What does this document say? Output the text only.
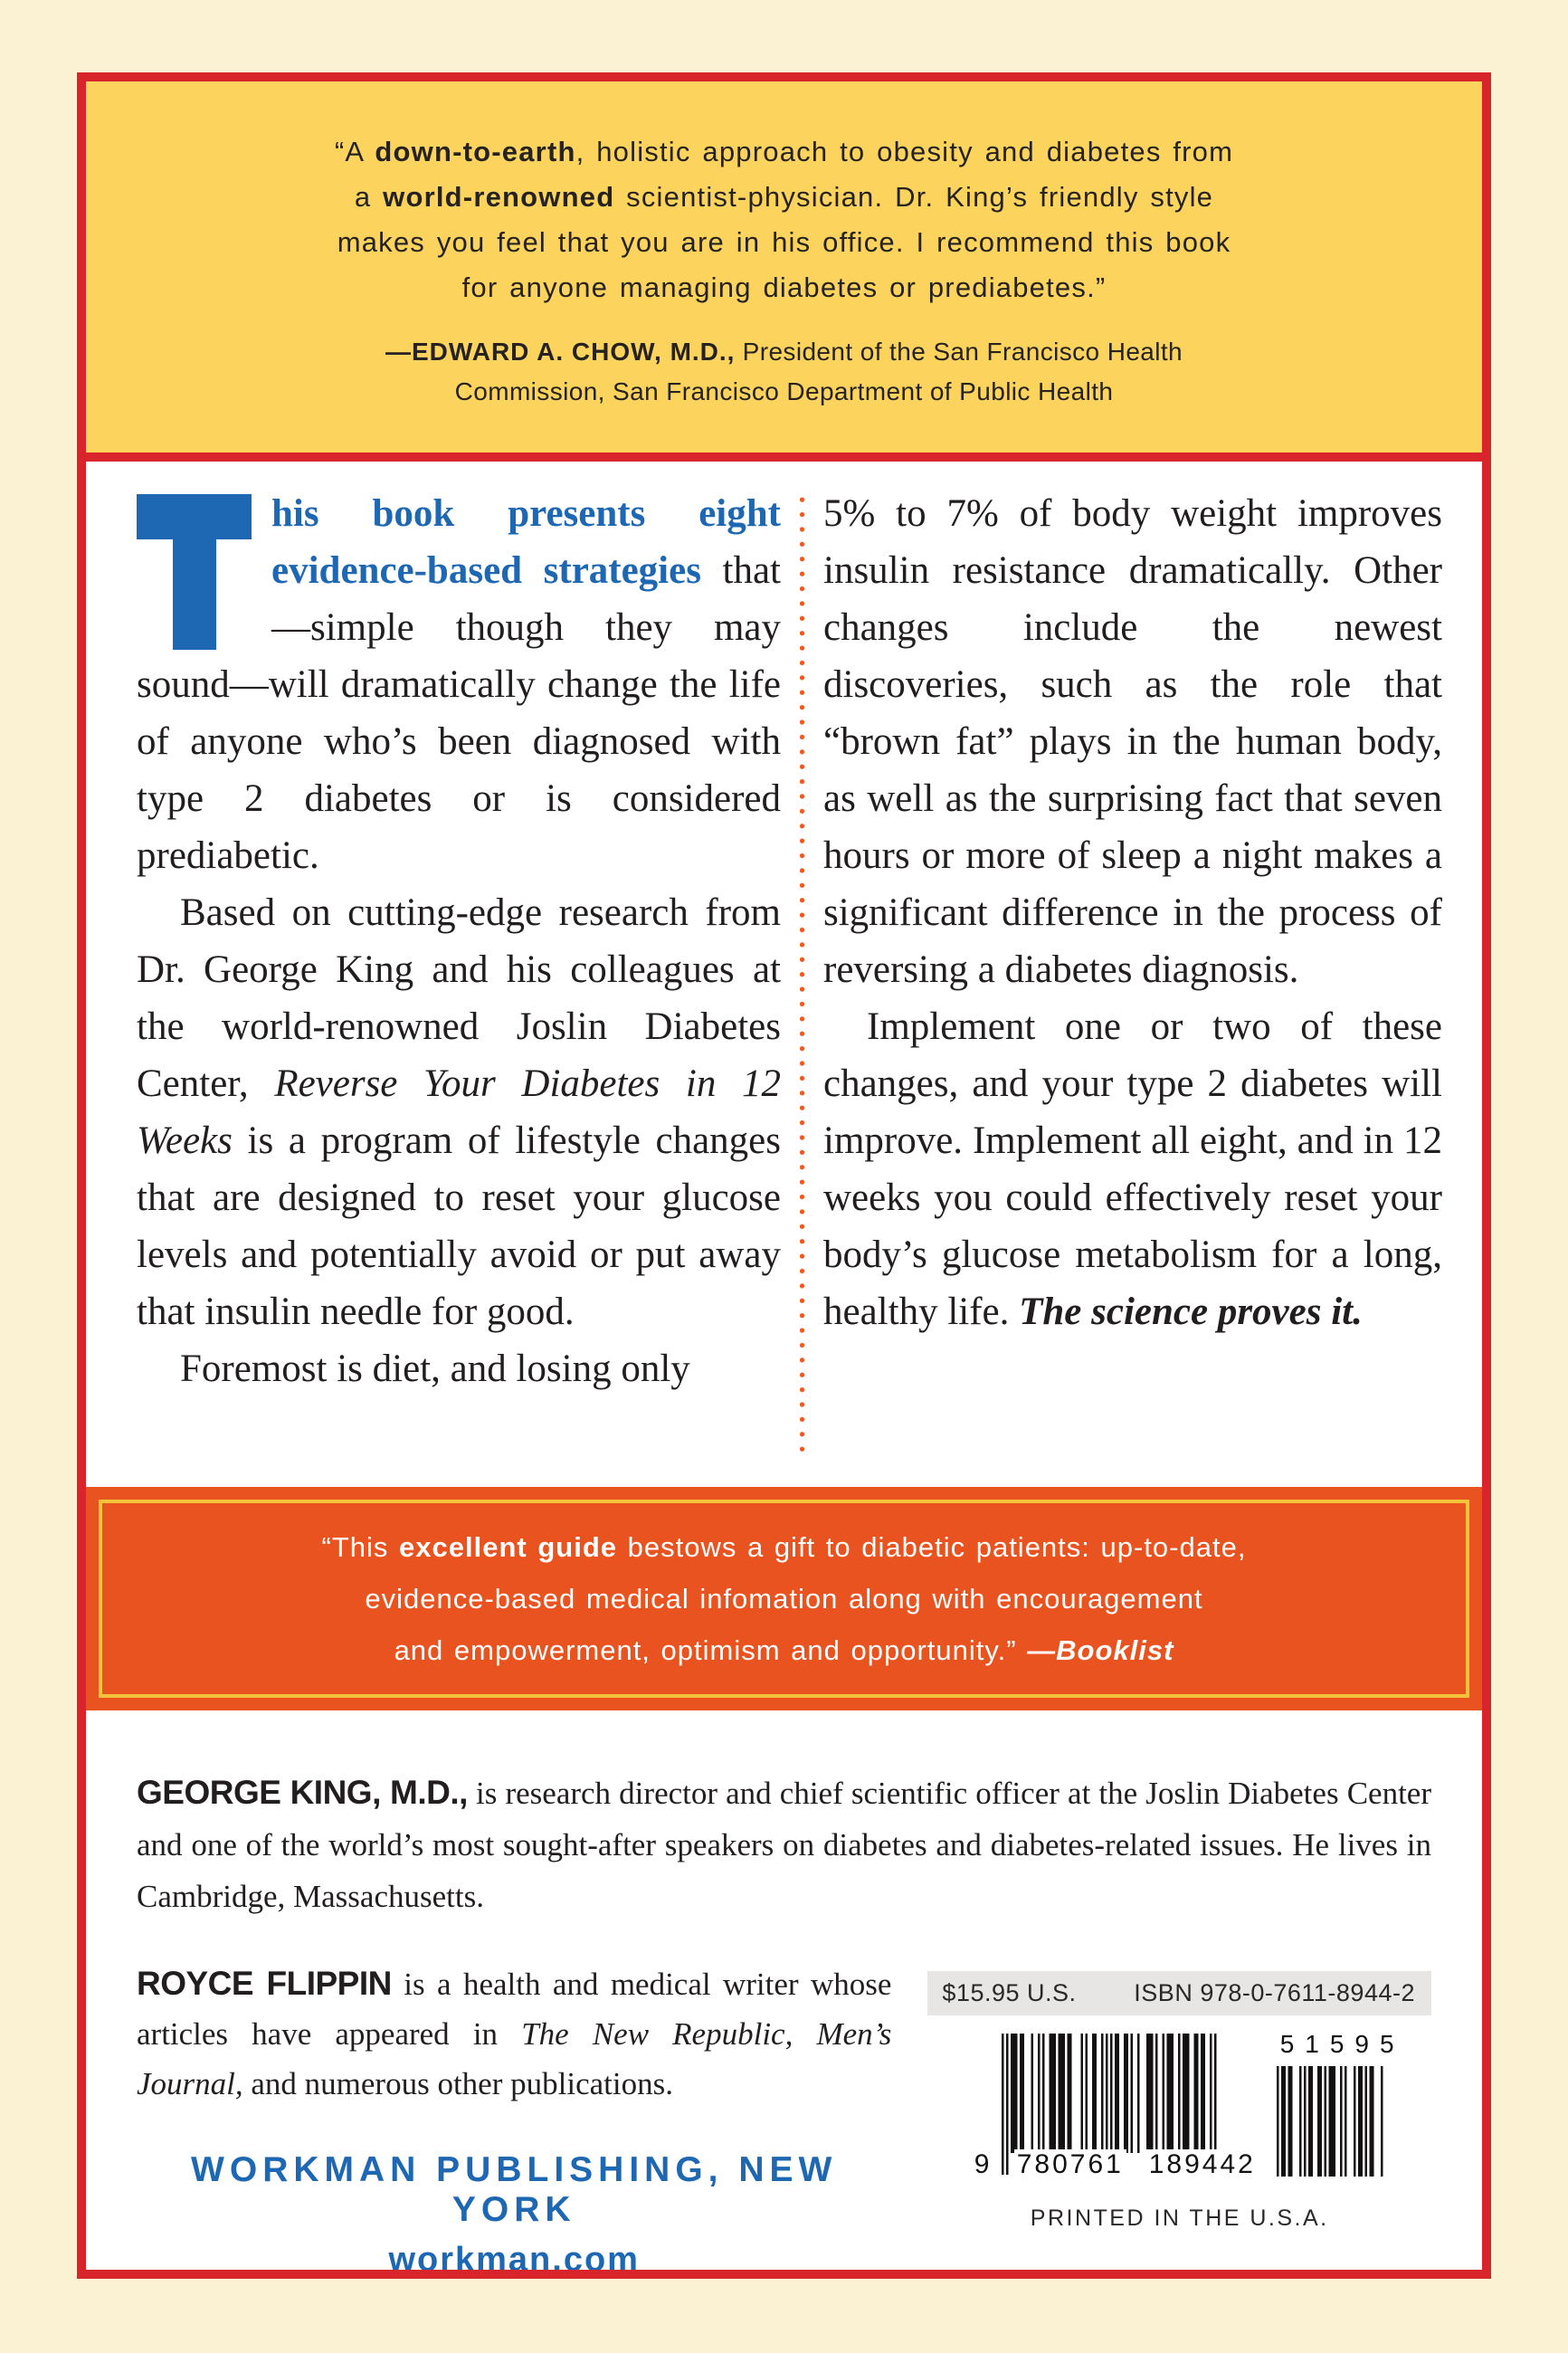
“A down-to-earth, holistic approach to obesity and diabetes from
a world-renowned scientist-physician. Dr. King’s friendly style
makes you feel that you are in his office. I recommend this book
for anyone managing diabetes or prediabetes.”
—EDWARD A. CHOW, M.D., President of the San Francisco Health
Commission, San Francisco Department of Public Health

his book presents eight evidence-based strategies that—simple though they may sound—will dramatically change the life of anyone who’s been diagnosed with type 2 diabetes or is considered prediabetic.

Based on cutting-edge research from Dr. George King and his colleagues at the world-renowned Joslin Diabetes Center, Reverse Your Diabetes in 12 Weeks is a program of lifestyle changes that are designed to reset your glucose levels and potentially avoid or put away that insulin needle for good.

Foremost is diet, and losing only

5% to 7% of body weight improves insulin resistance dramatically. Other changes include the newest discoveries, such as the role that “brown fat” plays in the human body, as well as the surprising fact that seven hours or more of sleep a night makes a significant difference in the process of reversing a diabetes diagnosis.

Implement one or two of these changes, and your type 2 diabetes will improve. Implement all eight, and in 12 weeks you could effectively reset your body’s glucose metabolism for a long, healthy life. The science proves it.

“This excellent guide bestows a gift to diabetic patients: up-to-date,
evidence-based medical infomation along with encouragement
and empowerment, optimism and opportunity.” —Booklist

GEORGE KING, M.D., is research director and chief scientific officer at the Joslin Diabetes Center and one of the world’s most sought-after speakers on diabetes and diabetes-related issues. He lives in Cambridge, Massachusetts.

ROYCE FLIPPIN is a health and medical writer whose articles have appeared in The New Republic, Men’s Journal, and numerous other publications.

WORKMAN PUBLISHING, NEW YORK
workman.com
$15.95 U.S. ISBN 978-0-7611-8944-2
9 780761 189442
51595
PRINTED IN THE U.S.A.
